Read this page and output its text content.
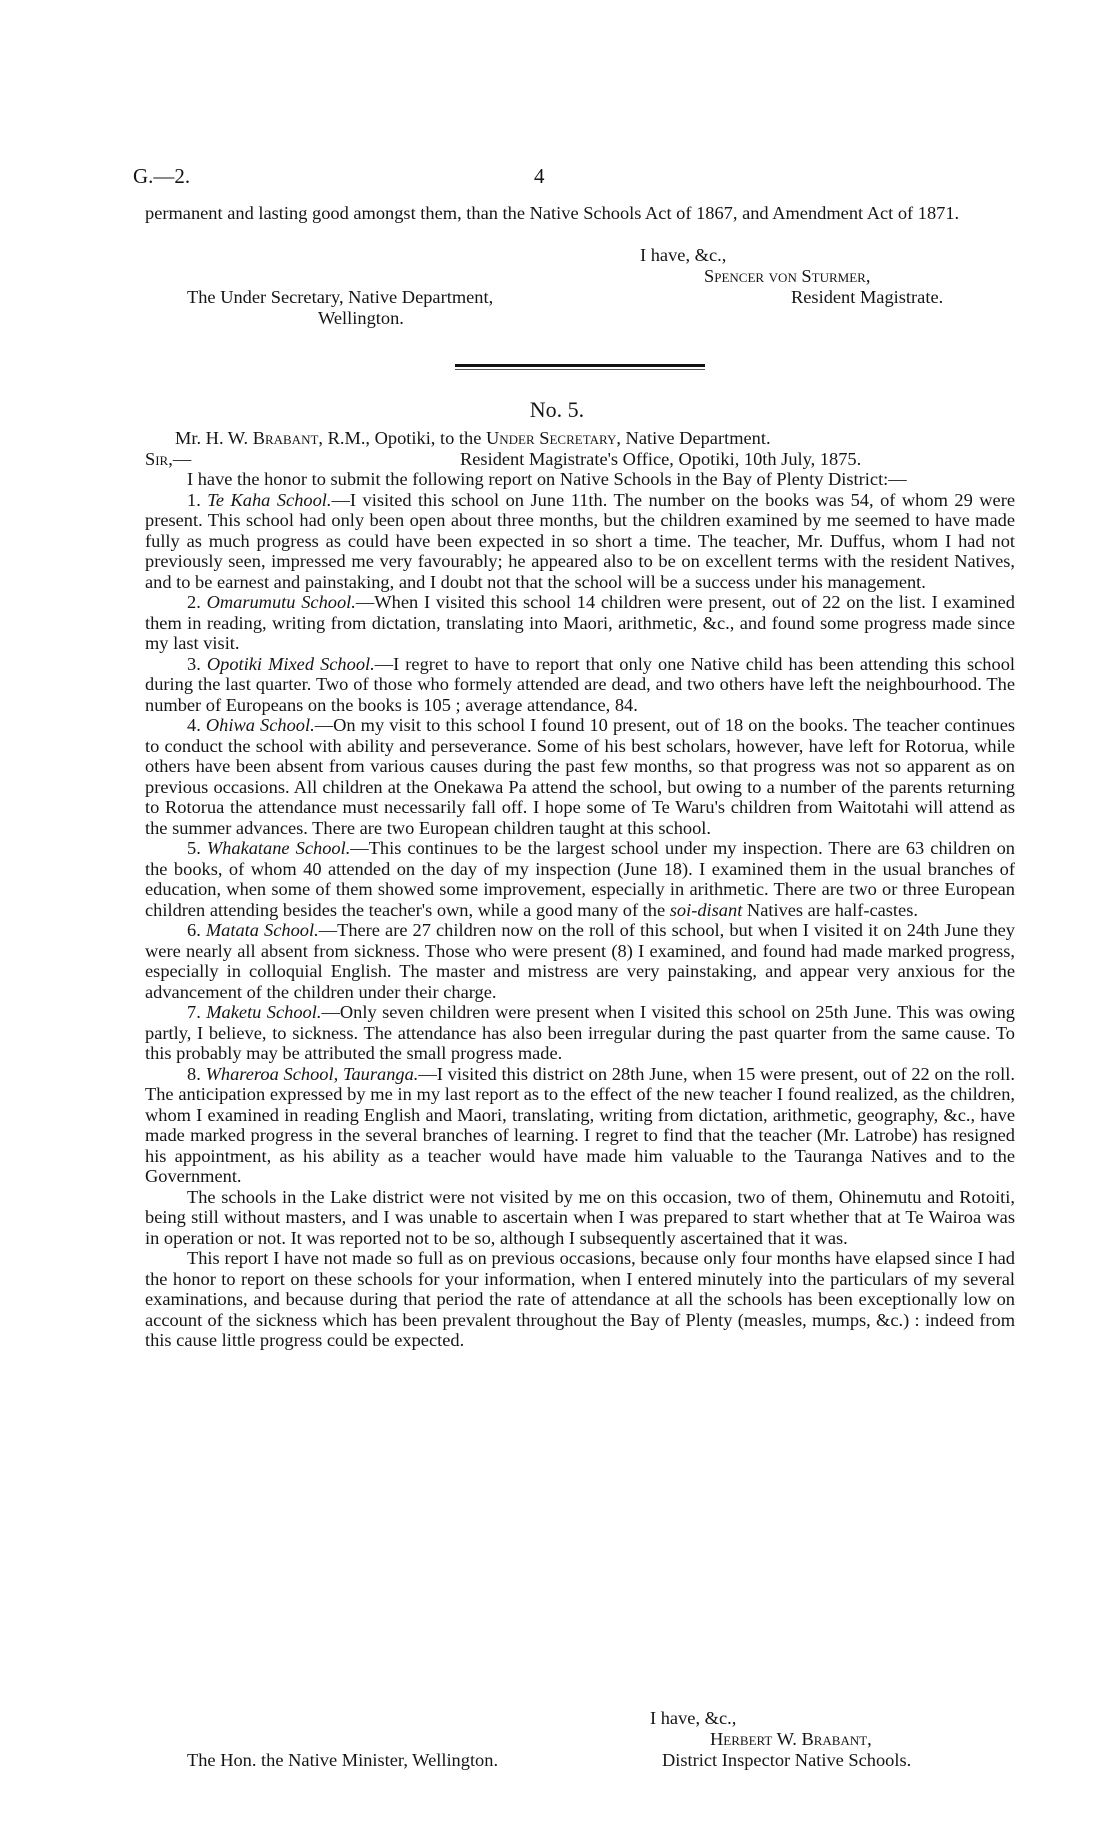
G.—2.	4

permanent and lasting good amongst them, than the Native Schools Act of 1867, and Amendment Act of 1871.

I have, &c.,
Spencer von Sturmer,
The Under Secretary, Native Department,	Resident Magistrate.
Wellington.
No. 5.

Mr. H. W. Brabant, R.M., Opotiki, to the Under Secretary, Native Department.

Sir,—	Resident Magistrate's Office, Opotiki, 10th July, 1875.

I have the honor to submit the following report on Native Schools in the Bay of Plenty District:—

1. Te Kaha School.—I visited this school on June 11th. The number on the books was 54, of whom 29 were present. This school had only been open about three months, but the children examined by me seemed to have made fully as much progress as could have been expected in so short a time. The teacher, Mr. Duffus, whom I had not previously seen, impressed me very favourably; he appeared also to be on excellent terms with the resident Natives, and to be earnest and painstaking, and I doubt not that the school will be a success under his management.

2. Omarumutu School.—When I visited this school 14 children were present, out of 22 on the list. I examined them in reading, writing from dictation, translating into Maori, arithmetic, &c., and found some progress made since my last visit.

3. Opotiki Mixed School.—I regret to have to report that only one Native child has been attending this school during the last quarter. Two of those who formely attended are dead, and two others have left the neighbourhood. The number of Europeans on the books is 105 ; average attendance, 84.

4. Ohiwa School.—On my visit to this school I found 10 present, out of 18 on the books. The teacher continues to conduct the school with ability and perseverance. Some of his best scholars, however, have left for Rotorua, while others have been absent from various causes during the past few months, so that progress was not so apparent as on previous occasions. All children at the Onekawa Pa attend the school, but owing to a number of the parents returning to Rotorua the attendance must necessarily fall off. I hope some of Te Waru's children from Waitotahi will attend as the summer advances. There are two European children taught at this school.

5. Whakatane School.—This continues to be the largest school under my inspection. There are 63 children on the books, of whom 40 attended on the day of my inspection (June 18). I examined them in the usual branches of education, when some of them showed some improvement, especially in arithmetic. There are two or three European children attending besides the teacher's own, while a good many of the soi-disant Natives are half-castes.

6. Matata School.—There are 27 children now on the roll of this school, but when I visited it on 24th June they were nearly all absent from sickness. Those who were present (8) I examined, and found had made marked progress, especially in colloquial English. The master and mistress are very painstaking, and appear very anxious for the advancement of the children under their charge.

7. Maketu School.—Only seven children were present when I visited this school on 25th June. This was owing partly, I believe, to sickness. The attendance has also been irregular during the past quarter from the same cause. To this probably may be attributed the small progress made.

8. Whareroa School, Tauranga.—I visited this district on 28th June, when 15 were present, out of 22 on the roll. The anticipation expressed by me in my last report as to the effect of the new teacher I found realized, as the children, whom I examined in reading English and Maori, translating, writing from dictation, arithmetic, geography, &c., have made marked progress in the several branches of learning. I regret to find that the teacher (Mr. Latrobe) has resigned his appointment, as his ability as a teacher would have made him valuable to the Tauranga Natives and to the Government.

The schools in the Lake district were not visited by me on this occasion, two of them, Ohinemutu and Rotoiti, being still without masters, and I was unable to ascertain when I was prepared to start whether that at Te Wairoa was in operation or not. It was reported not to be so, although I subsequently ascertained that it was.

This report I have not made so full as on previous occasions, because only four months have elapsed since I had the honor to report on these schools for your information, when I entered minutely into the particulars of my several examinations, and because during that period the rate of attendance at all the schools has been exceptionally low on account of the sickness which has been prevalent throughout the Bay of Plenty (measles, mumps, &c.) : indeed from this cause little progress could be expected.

I have, &c.,
Herbert W. Brabant,
The Hon. the Native Minister, Wellington.	District Inspector Native Schools.
